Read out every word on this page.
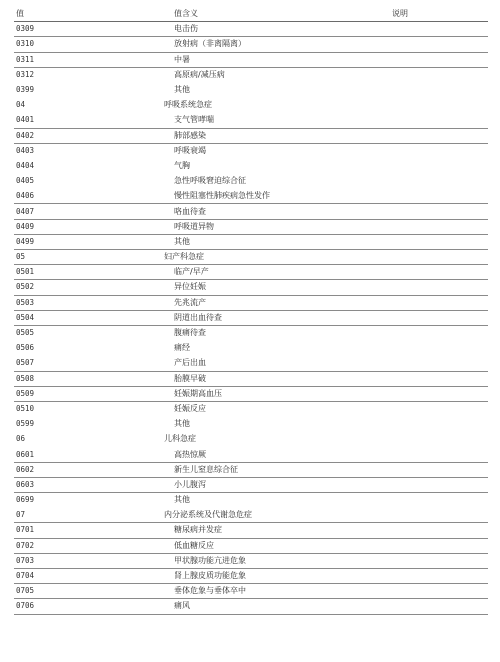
值	值含义	说明
0309	电击伤	
0310	放射病（非离隔离）	
0311	中暑	
0312	高原病/减压病	
0399	其他	
04	呼吸系统急症	
0401	支气管哮喘	
0402	肺部感染	
0403	呼吸衰竭	
0404	气胸	
0405	急性呼吸窘迫综合征	
0406	慢性阻塞性肺疾病急性发作	
0407	咯血待查	
0409	呼吸道异物	
0499	其他	
05	妇产科急症	
0501	临产/早产	
0502	异位妊娠	
0503	先兆流产	
0504	阴道出血待查	
0505	腹痛待查	
0506	痛经	
0507	产后出血	
0508	胎膜早破	
0509	妊娠期高血压	
0510	妊娠反应	
0599	其他	
06	儿科急症	
0601	高热惊厥	
0602	新生儿窒息综合征	
0603	小儿腹泻	
0699	其他	
07	内分泌系统及代谢急危症	
0701	糖尿病并发症	
0702	低血糖反应	
0703	甲状腺功能亢进危象	
0704	肾上腺皮质功能危象	
0705	垂体危象与垂体卒中	
0706	痛风	
